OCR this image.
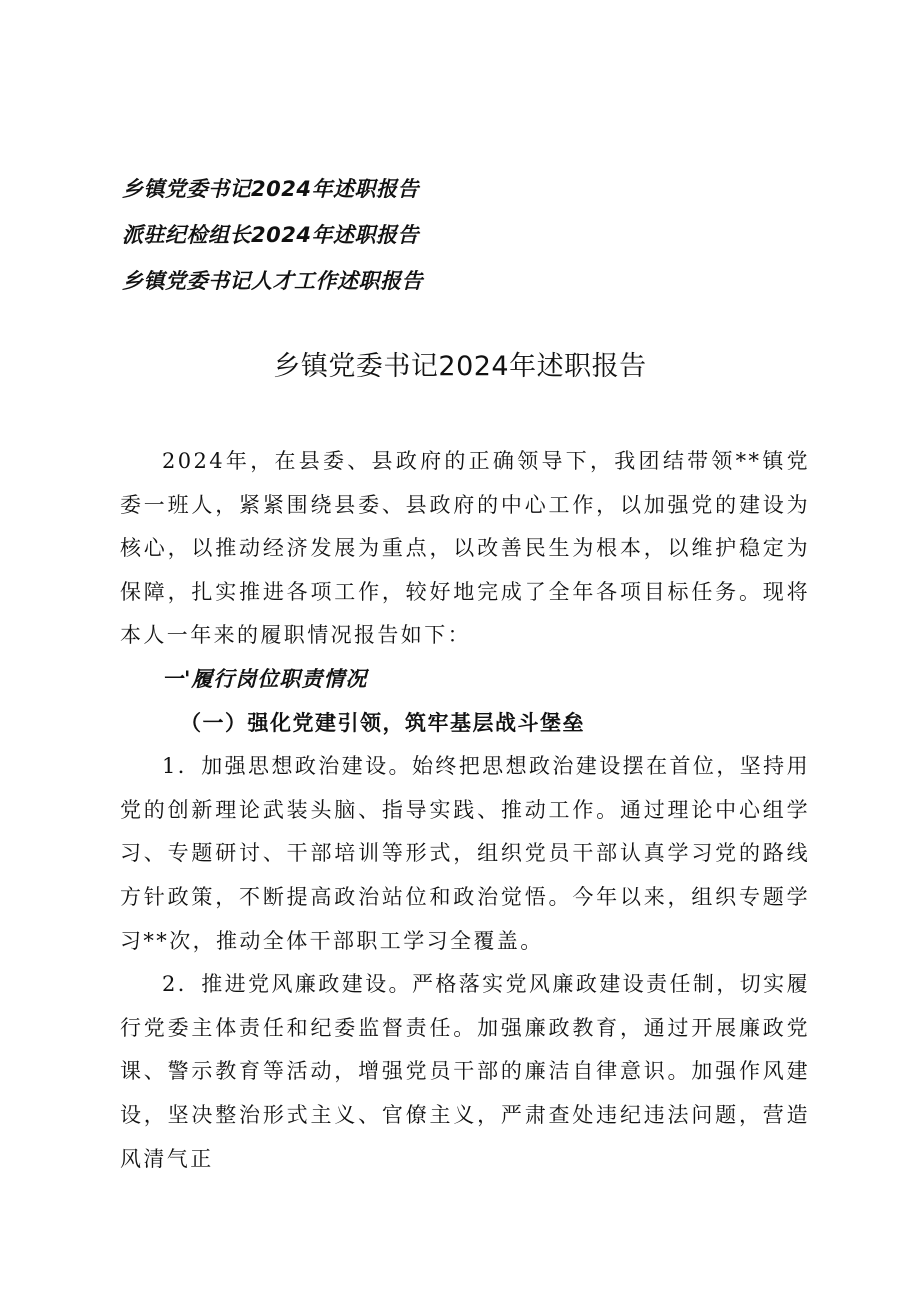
乡镇党委书记2024年述职报告
派驻纪检组长2024年述职报告
乡镇党委书记人才工作述职报告
乡镇党委书记2024年述职报告

2024年，在县委、县政府的正确领导下，我团结带领**镇党委一班人，紧紧围绕县委、县政府的中心工作，以加强党的建设为核心，以推动经济发展为重点，以改善民生为根本，以维护稳定为保障，扎实推进各项工作，较好地完成了全年各项目标任务。现将本人一年来的履职情况报告如下：

一'履行岗位职责情况

（一）强化党建引领，筑牢基层战斗堡垒

1．加强思想政治建设。始终把思想政治建设摆在首位，坚持用党的创新理论武装头脑、指导实践、推动工作。通过理论中心组学习、专题研讨、干部培训等形式，组织党员干部认真学习党的路线方针政策，不断提高政治站位和政治觉悟。今年以来，组织专题学习**次，推动全体干部职工学习全覆盖。

2．推进党风廉政建设。严格落实党风廉政建设责任制，切实履行党委主体责任和纪委监督责任。加强廉政教育，通过开展廉政党课、警示教育等活动，增强党员干部的廉洁自律意识。加强作风建设，坚决整治形式主义、官僚主义，严肃查处违纪违法问题，营造风清气正
